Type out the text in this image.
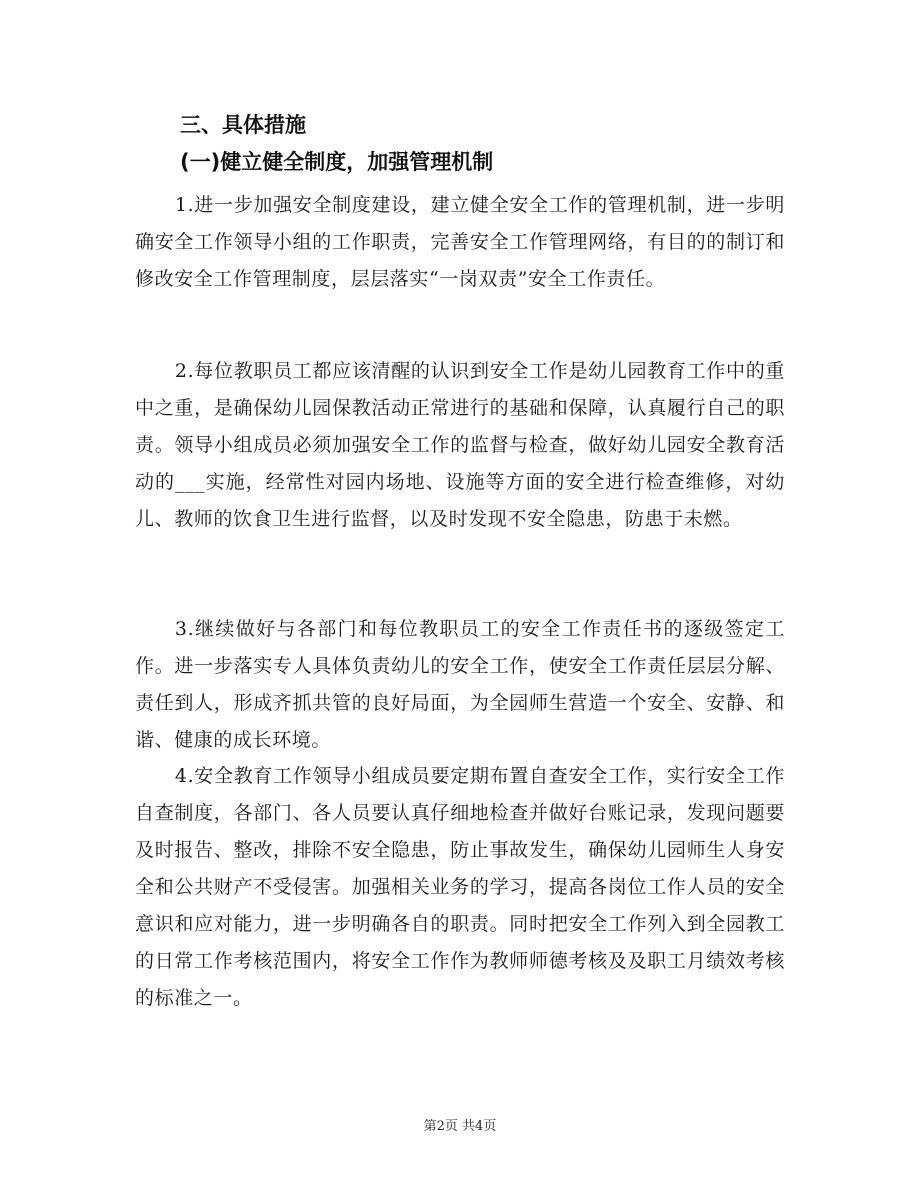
三、具体措施
(一)健立健全制度，加强管理机制

1.进一步加强安全制度建设，建立健全安全工作的管理机制，进一步明确安全工作领导小组的工作职责，完善安全工作管理网络，有目的的制订和修改安全工作管理制度，层层落实“一岗双责”安全工作责任。

2.每位教职员工都应该清醒的认识到安全工作是幼儿园教育工作中的重中之重，是确保幼儿园保教活动正常进行的基础和保障，认真履行自己的职责。领导小组成员必须加强安全工作的监督与检查，做好幼儿园安全教育活动的___实施，经常性对园内场地、设施等方面的安全进行检查维修，对幼儿、教师的饮食卫生进行监督，以及时发现不安全隐患，防患于未燃。

3.继续做好与各部门和每位教职员工的安全工作责任书的逐级签定工作。进一步落实专人具体负责幼儿的安全工作，使安全工作责任层层分解、责任到人，形成齐抓共管的良好局面，为全园师生营造一个安全、安静、和谐、健康的成长环境。

4.安全教育工作领导小组成员要定期布置自查安全工作，实行安全工作自查制度，各部门、各人员要认真仔细地检查并做好台账记录，发现问题要及时报告、整改，排除不安全隐患，防止事故发生，确保幼儿园师生人身安全和公共财产不受侵害。加强相关业务的学习，提高各岗位工作人员的安全意识和应对能力，进一步明确各自的职责。同时把安全工作列入到全园教工的日常工作考核范围内，将安全工作作为教师师德考核及及职工月绩效考核的标准之一。

第2页 共4页
